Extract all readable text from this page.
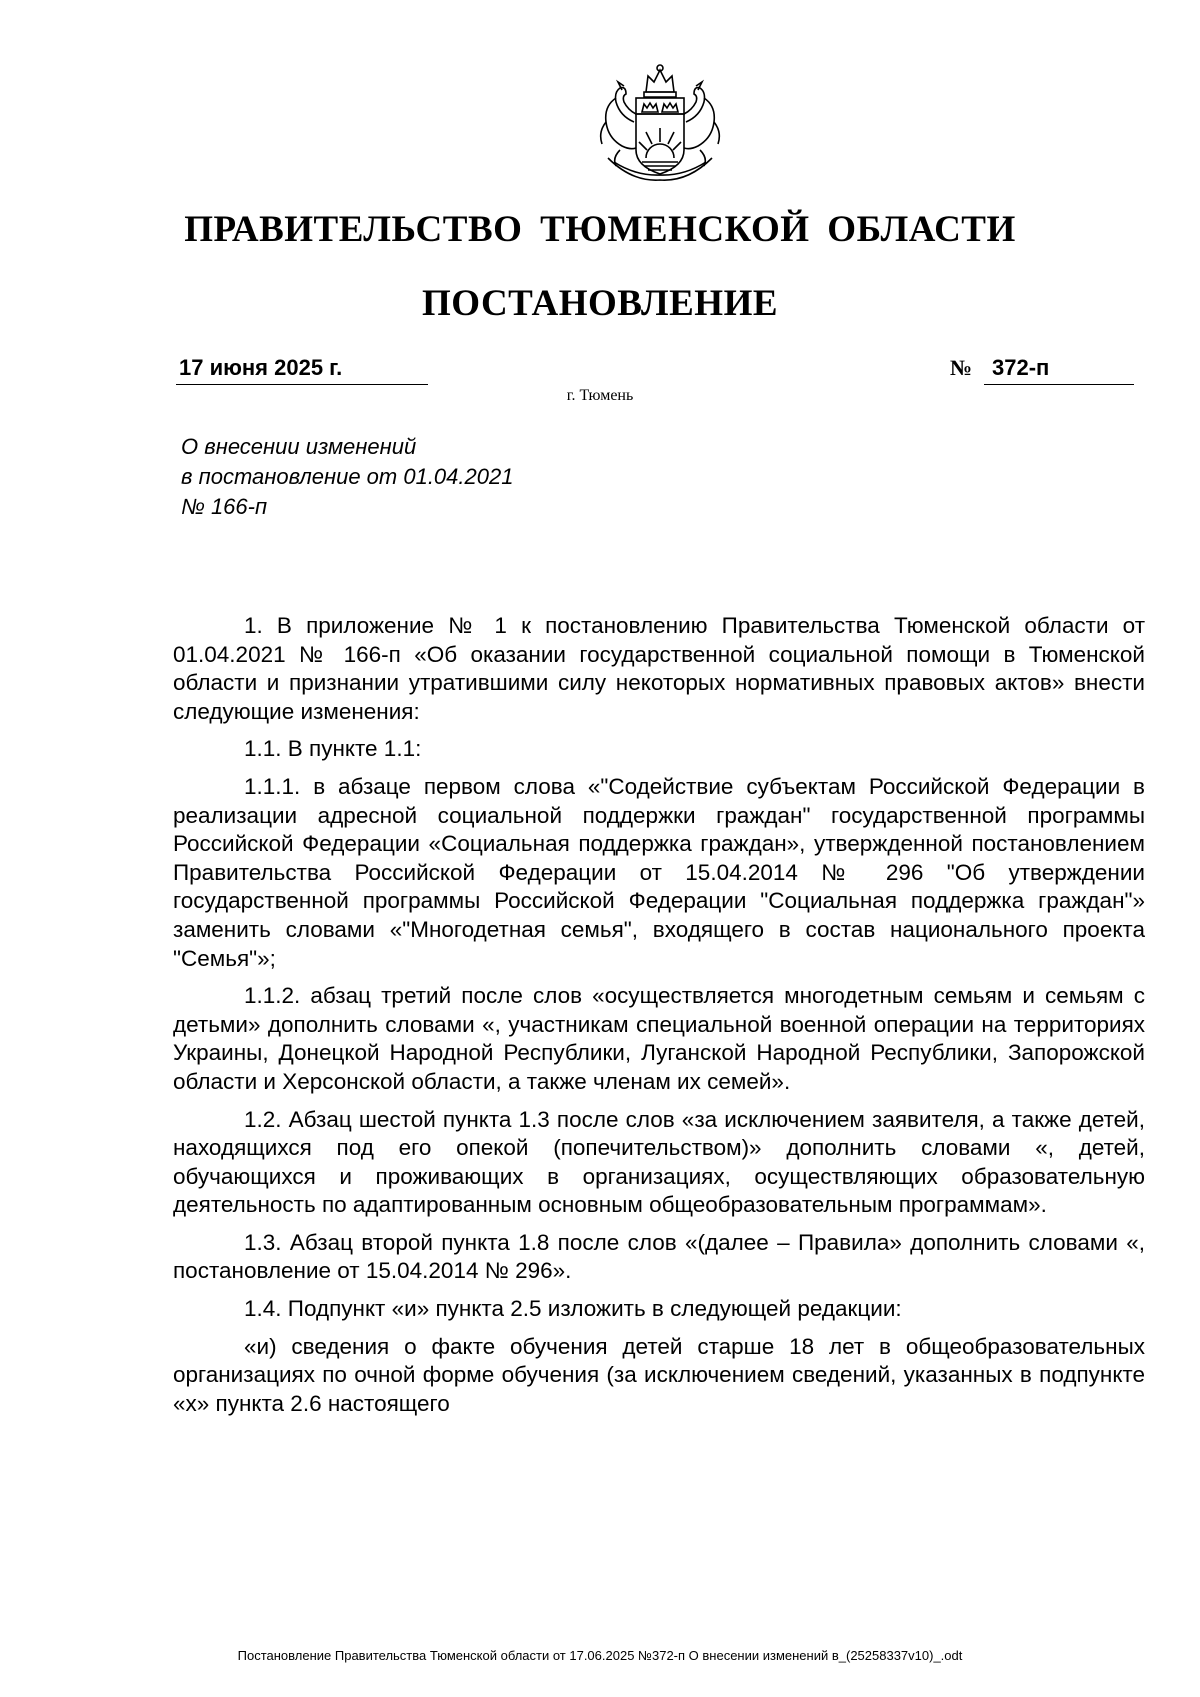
ПРАВИТЕЛЬСТВО ТЮМЕНСКОЙ ОБЛАСТИ
ПОСТАНОВЛЕНИЕ
17 июня 2025 г.	№ 372-п
г. Тюмень
О внесении изменений
в постановление от 01.04.2021
№ 166-п

1. В приложение № 1 к постановлению Правительства Тюменской области от 01.04.2021 № 166-п «Об оказании государственной социальной помощи в Тюменской области и признании утратившими силу некоторых нормативных правовых актов» внести следующие изменения:

1.1. В пункте 1.1:

1.1.1. в абзаце первом слова «"Содействие субъектам Российской Федерации в реализации адресной социальной поддержки граждан" государственной программы Российской Федерации «Социальная поддержка граждан», утвержденной постановлением Правительства Российской Федерации от 15.04.2014 № 296 "Об утверждении государственной программы Российской Федерации "Социальная поддержка граждан"» заменить словами «"Многодетная семья", входящего в состав национального проекта "Семья"»;

1.1.2. абзац третий после слов «осуществляется многодетным семьям и семьям с детьми» дополнить словами «, участникам специальной военной операции на территориях Украины, Донецкой Народной Республики, Луганской Народной Республики, Запорожской области и Херсонской области, а также членам их семей».

1.2. Абзац шестой пункта 1.3 после слов «за исключением заявителя, а также детей, находящихся под его опекой (попечительством)» дополнить словами «, детей, обучающихся и проживающих в организациях, осуществляющих образовательную деятельность по адаптированным основным общеобразовательным программам».

1.3. Абзац второй пункта 1.8 после слов «(далее – Правила» дополнить словами «, постановление от 15.04.2014 № 296».

1.4. Подпункт «и» пункта 2.5 изложить в следующей редакции:

«и) сведения о факте обучения детей старше 18 лет в общеобразовательных организациях по очной форме обучения (за исключением сведений, указанных в подпункте «х» пункта 2.6 настоящего

Постановление Правительства Тюменской области от 17.06.2025 №372-п О внесении изменений в_(25258337v10)_.odt
